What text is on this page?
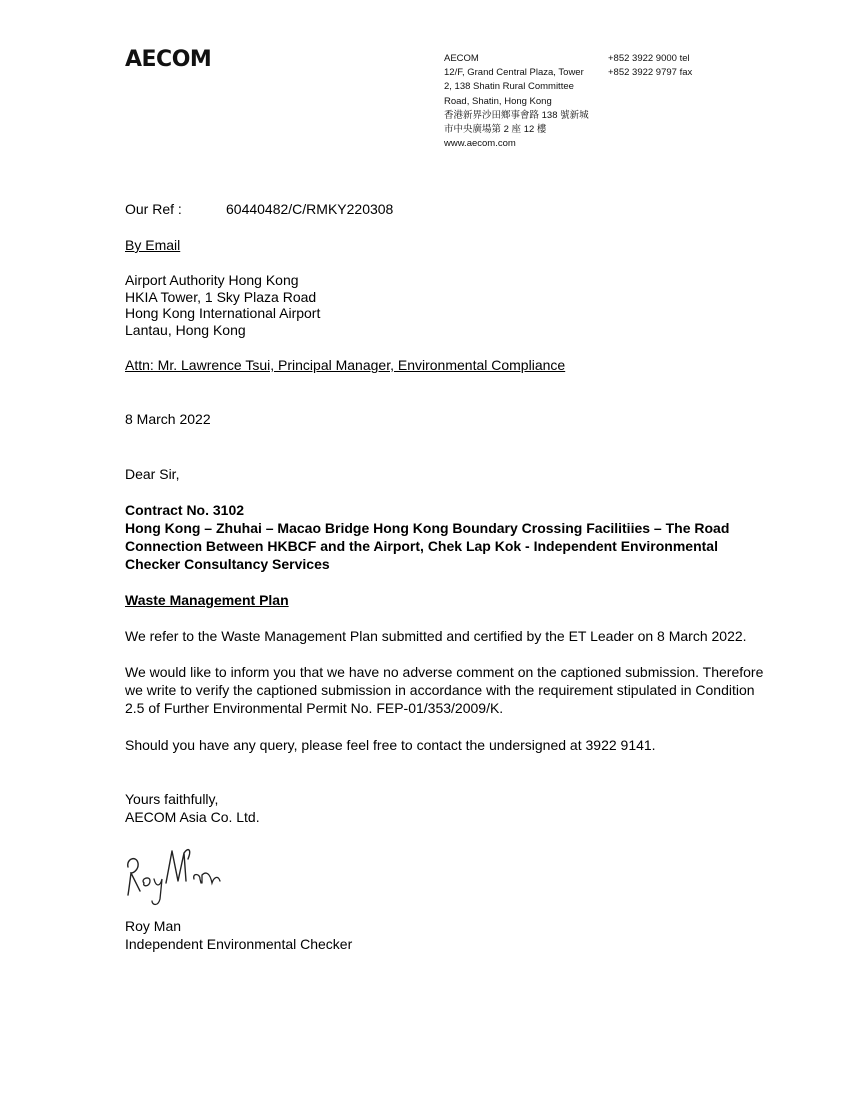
AECOM	AECOM
12/F, Grand Central Plaza, Tower
2, 138 Shatin Rural Committee
Road, Shatin, Hong Kong
香港新界沙田鄉事會路 138 號新城
市中央廣場第 2 座 12 樓
www.aecom.com
+852 3922 9000 tel
+852 3922 9797 fax
Our Ref :	60440482/C/RMKY220308
By Email
Airport Authority Hong Kong
HKIA Tower, 1 Sky Plaza Road
Hong Kong International Airport
Lantau, Hong Kong
Attn: Mr. Lawrence Tsui, Principal Manager, Environmental Compliance
8 March 2022
Dear Sir,
Contract No. 3102
Hong Kong – Zhuhai – Macao Bridge Hong Kong Boundary Crossing Facilitiies – The Road Connection Between HKBCF and the Airport, Chek Lap Kok - Independent Environmental Checker Consultancy Services
Waste Management Plan
We refer to the Waste Management Plan submitted and certified by the ET Leader on 8 March 2022.
We would like to inform you that we have no adverse comment on the captioned submission. Therefore we write to verify the captioned submission in accordance with the requirement stipulated in Condition 2.5 of Further Environmental Permit No. FEP-01/353/2009/K.
Should you have any query, please feel free to contact the undersigned at 3922 9141.
Yours faithfully,
AECOM Asia Co. Ltd.
Roy Man
Independent Environmental Checker
